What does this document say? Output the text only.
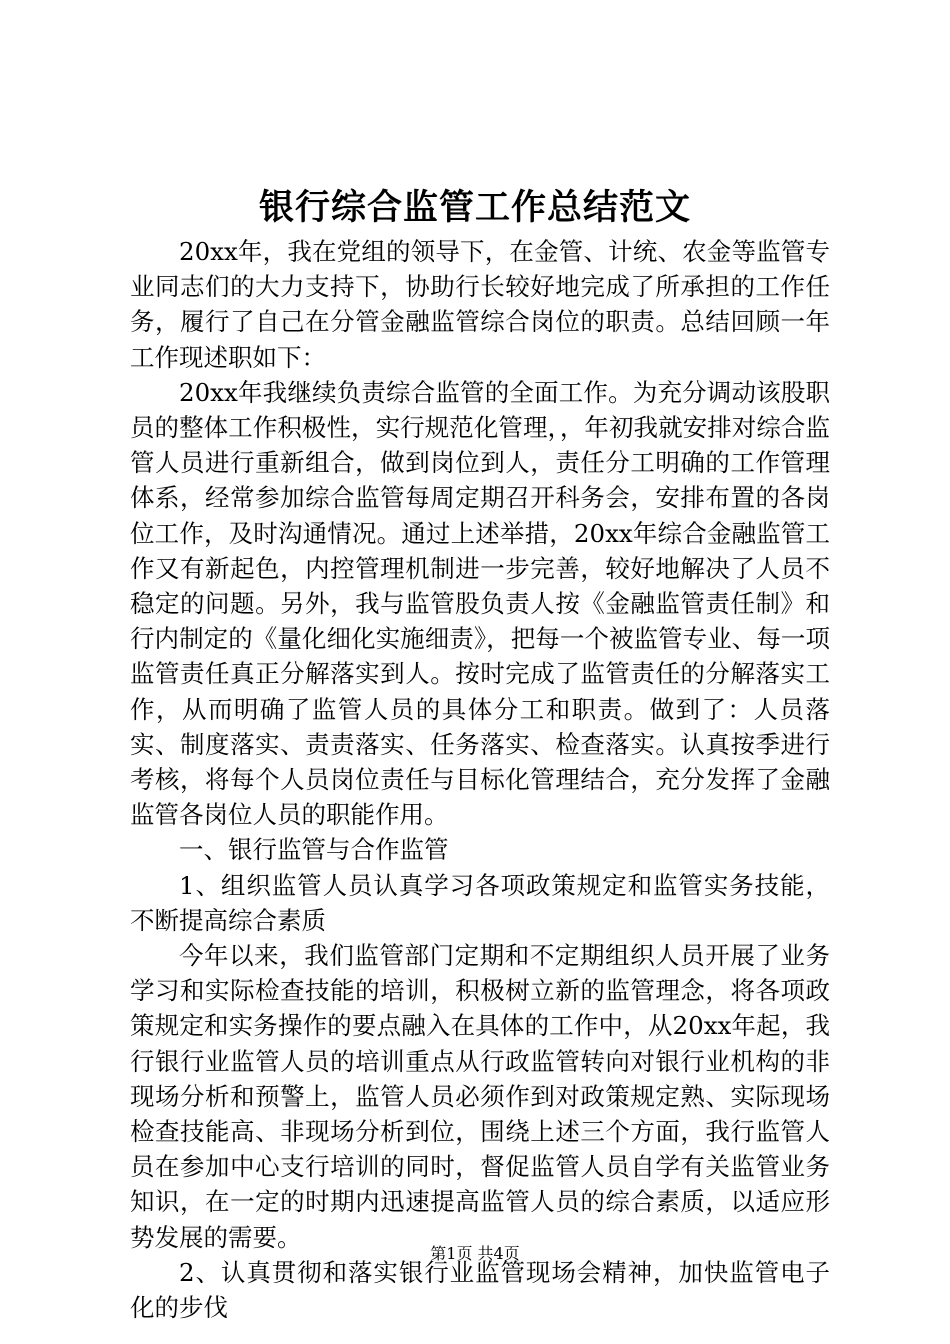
银行综合监管工作总结范文

20xx年，我在党组的领导下，在金管、计统、农金等监管专业同志们的大力支持下，协助行长较好地完成了所承担的工作任务，履行了自己在分管金融监管综合岗位的职责。总结回顾一年工作现述职如下：

20xx年我继续负责综合监管的全面工作。为充分调动该股职员的整体工作积极性，实行规范化管理，，年初我就安排对综合监管人员进行重新组合，做到岗位到人，责任分工明确的工作管理体系，经常参加综合监管每周定期召开科务会，安排布置的各岗位工作，及时沟通情况。通过上述举措，20xx年综合金融监管工作又有新起色，内控管理机制进一步完善，较好地解决了人员不稳定的问题。另外，我与监管股负责人按《金融监管责任制》和行内制定的《量化细化实施细责》，把每一个被监管专业、每一项监管责任真正分解落实到人。按时完成了监管责任的分解落实工作，从而明确了监管人员的具体分工和职责。做到了：人员落实、制度落实、责责落实、任务落实、检查落实。认真按季进行考核，将每个人员岗位责任与目标化管理结合，充分发挥了金融监管各岗位人员的职能作用。

一、银行监管与合作监管

1、组织监管人员认真学习各项政策规定和监管实务技能，不断提高综合素质

今年以来，我们监管部门定期和不定期组织人员开展了业务学习和实际检查技能的培训，积极树立新的监管理念，将各项政策规定和实务操作的要点融入在具体的工作中，从20xx年起，我行银行业监管人员的培训重点从行政监管转向对银行业机构的非现场分析和预警上，监管人员必须作到对政策规定熟、实际现场检查技能高、非现场分析到位，围绕上述三个方面，我行监管人员在参加中心支行培训的同时，督促监管人员自学有关监管业务知识，在一定的时期内迅速提高监管人员的综合素质，以适应形势发展的需要。

2、认真贯彻和落实银行业监管现场会精神，加快监管电子化的步伐

第1页 共4页
